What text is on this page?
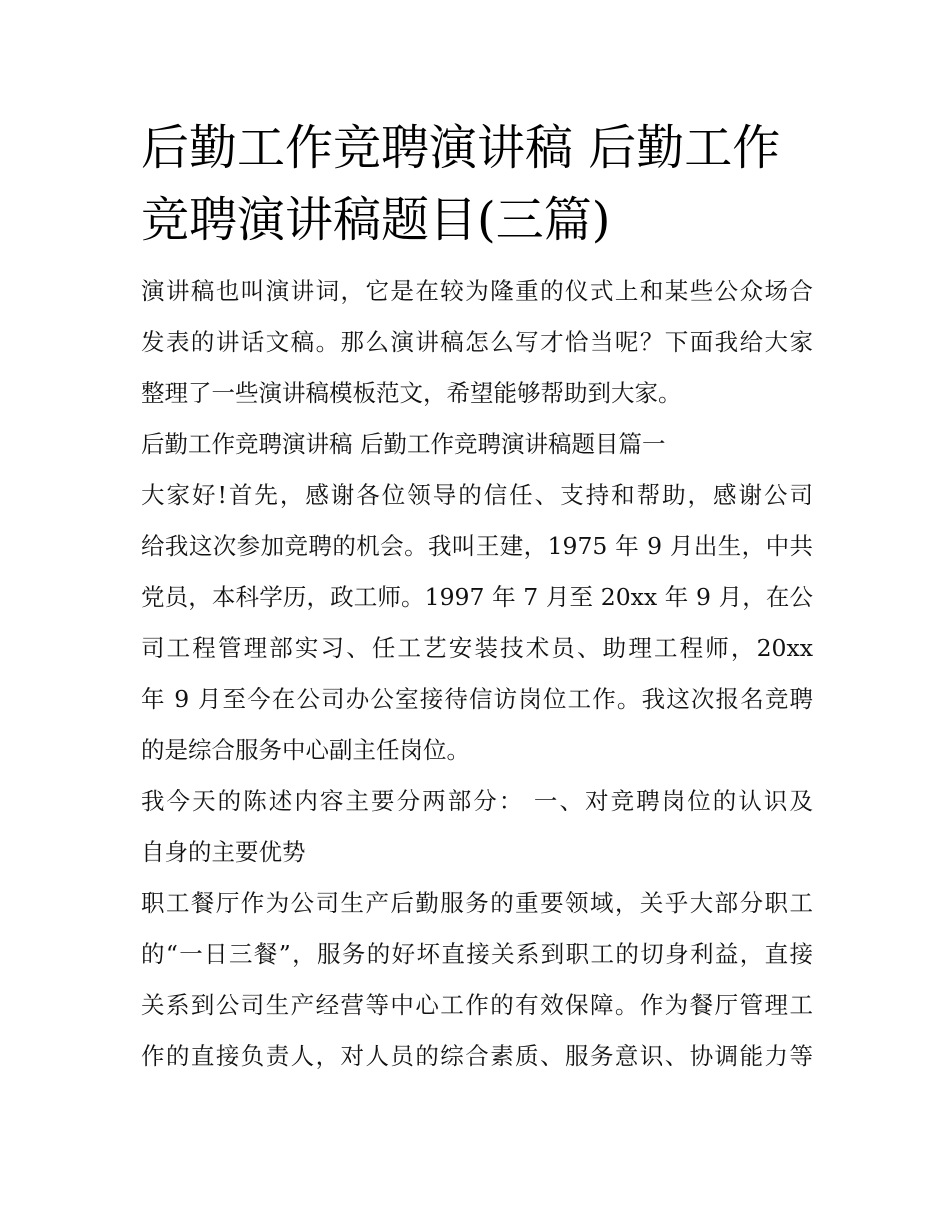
后勤工作竞聘演讲稿 后勤工作
竞聘演讲稿题目(三篇)

演讲稿也叫演讲词，它是在较为隆重的仪式上和某些公众场合
发表的讲话文稿。那么演讲稿怎么写才恰当呢？下面我给大家
整理了一些演讲稿模板范文，希望能够帮助到大家。

后勤工作竞聘演讲稿 后勤工作竞聘演讲稿题目篇一

大家好!首先，感谢各位领导的信任、支持和帮助，感谢公司
给我这次参加竞聘的机会。我叫王建，1975 年 9 月出生，中共
党员，本科学历，政工师。1997 年 7 月至 20xx 年 9 月，在公
司工程管理部实习、任工艺安装技术员、助理工程师，20xx
年 9 月至今在公司办公室接待信访岗位工作。我这次报名竞聘
的是综合服务中心副主任岗位。

我今天的陈述内容主要分两部分： 一、对竞聘岗位的认识及
自身的主要优势

职工餐厅作为公司生产后勤服务的重要领域，关乎大部分职工
的“一日三餐”，服务的好坏直接关系到职工的切身利益，直接
关系到公司生产经营等中心工作的有效保障。作为餐厅管理工
作的直接负责人，对人员的综合素质、服务意识、协调能力等
